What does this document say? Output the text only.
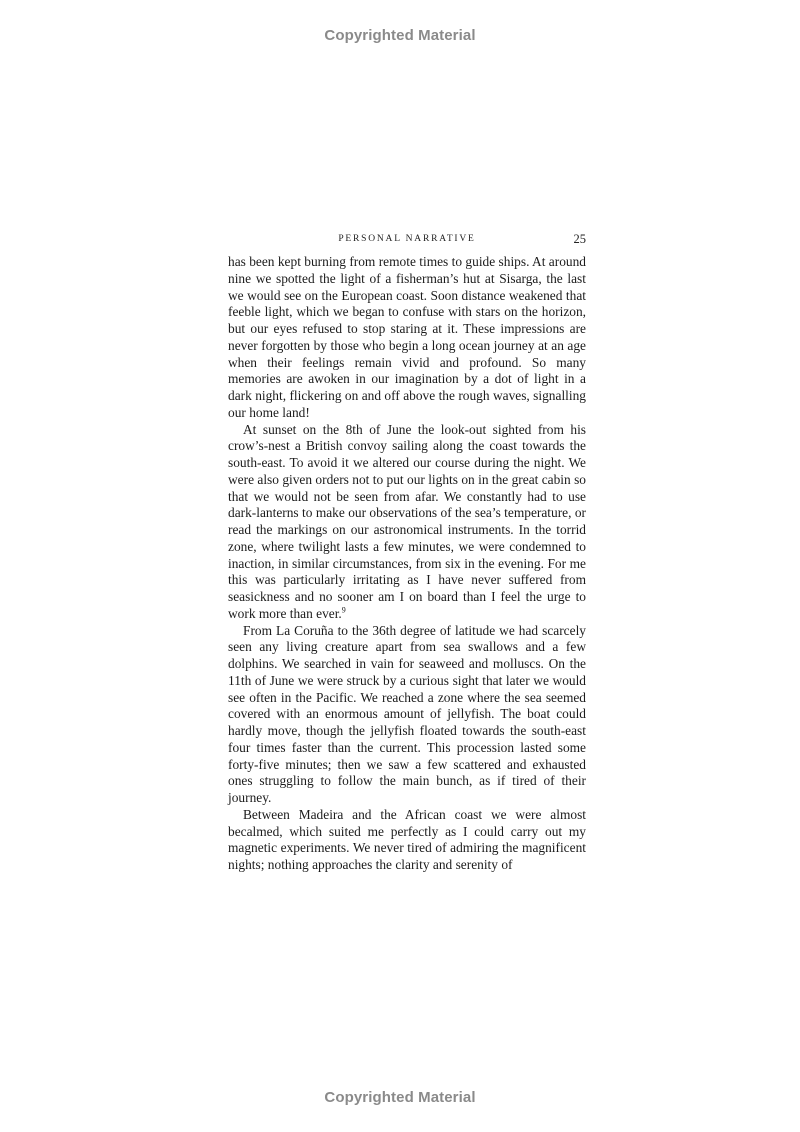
Copyrighted Material
PERSONAL NARRATIVE	25

has been kept burning from remote times to guide ships. At around nine we spotted the light of a fisherman’s hut at Sisarga, the last we would see on the European coast. Soon distance weakened that feeble light, which we began to confuse with stars on the horizon, but our eyes refused to stop staring at it. These impressions are never forgotten by those who begin a long ocean journey at an age when their feelings remain vivid and profound. So many memories are awoken in our imagination by a dot of light in a dark night, flickering on and off above the rough waves, signalling our home land!

At sunset on the 8th of June the look-out sighted from his crow’s-nest a British convoy sailing along the coast towards the south-east. To avoid it we altered our course during the night. We were also given orders not to put our lights on in the great cabin so that we would not be seen from afar. We constantly had to use dark-lanterns to make our observations of the sea’s temperature, or read the markings on our astronomical instruments. In the torrid zone, where twilight lasts a few minutes, we were condemned to inaction, in similar circumstances, from six in the evening. For me this was particularly irritating as I have never suffered from seasickness and no sooner am I on board than I feel the urge to work more than ever.$^9$

From La Coruña to the 36th degree of latitude we had scarcely seen any living creature apart from sea swallows and a few dolphins. We searched in vain for seaweed and molluscs. On the 11th of June we were struck by a curious sight that later we would see often in the Pacific. We reached a zone where the sea seemed covered with an enormous amount of jellyfish. The boat could hardly move, though the jellyfish floated towards the south-east four times faster than the current. This procession lasted some forty-five minutes; then we saw a few scattered and exhausted ones struggling to follow the main bunch, as if tired of their journey.

Between Madeira and the African coast we were almost becalmed, which suited me perfectly as I could carry out my magnetic experiments. We never tired of admiring the magnificent nights; nothing approaches the clarity and serenity of

Copyrighted Material
